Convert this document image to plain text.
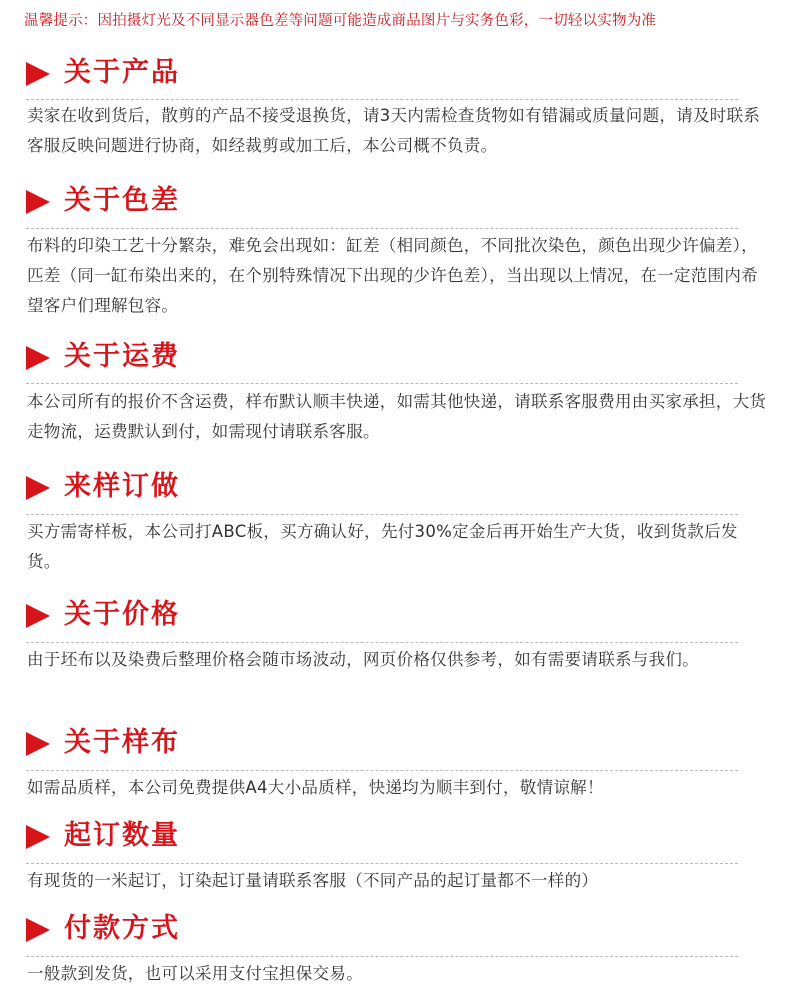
温馨提示：因拍摄灯光及不同显示器色差等问题可能造成商品图片与实务色彩，一切轻以实物为准
关于产品
卖家在收到货后，散剪的产品不接受退换货，请3天内需检查货物如有错漏或质量问题，请及时联系客服反映问题进行协商，如经裁剪或加工后，本公司概不负责。
关于色差
布料的印染工艺十分繁杂，难免会出现如：缸差（相同颜色，不同批次染色，颜色出现少许偏差），匹差（同一缸布染出来的，在个别特殊情况下出现的少许色差），当出现以上情况，在一定范围内希望客户们理解包容。
关于运费
本公司所有的报价不含运费，样布默认顺丰快递，如需其他快递，请联系客服费用由买家承担，大货走物流，运费默认到付，如需现付请联系客服。
来样订做
买方需寄样板，本公司打ABC板，买方确认好，先付30%定金后再开始生产大货，收到货款后发货。
关于价格
由于坯布以及染费后整理价格会随市场波动，网页价格仅供参考，如有需要请联系与我们。
关于样布
如需品质样，本公司免费提供A4大小品质样，快递均为顺丰到付，敬情谅解！
起订数量
有现货的一米起订，订染起订量请联系客服（不同产品的起订量都不一样的）
付款方式
一般款到发货，也可以采用支付宝担保交易。
